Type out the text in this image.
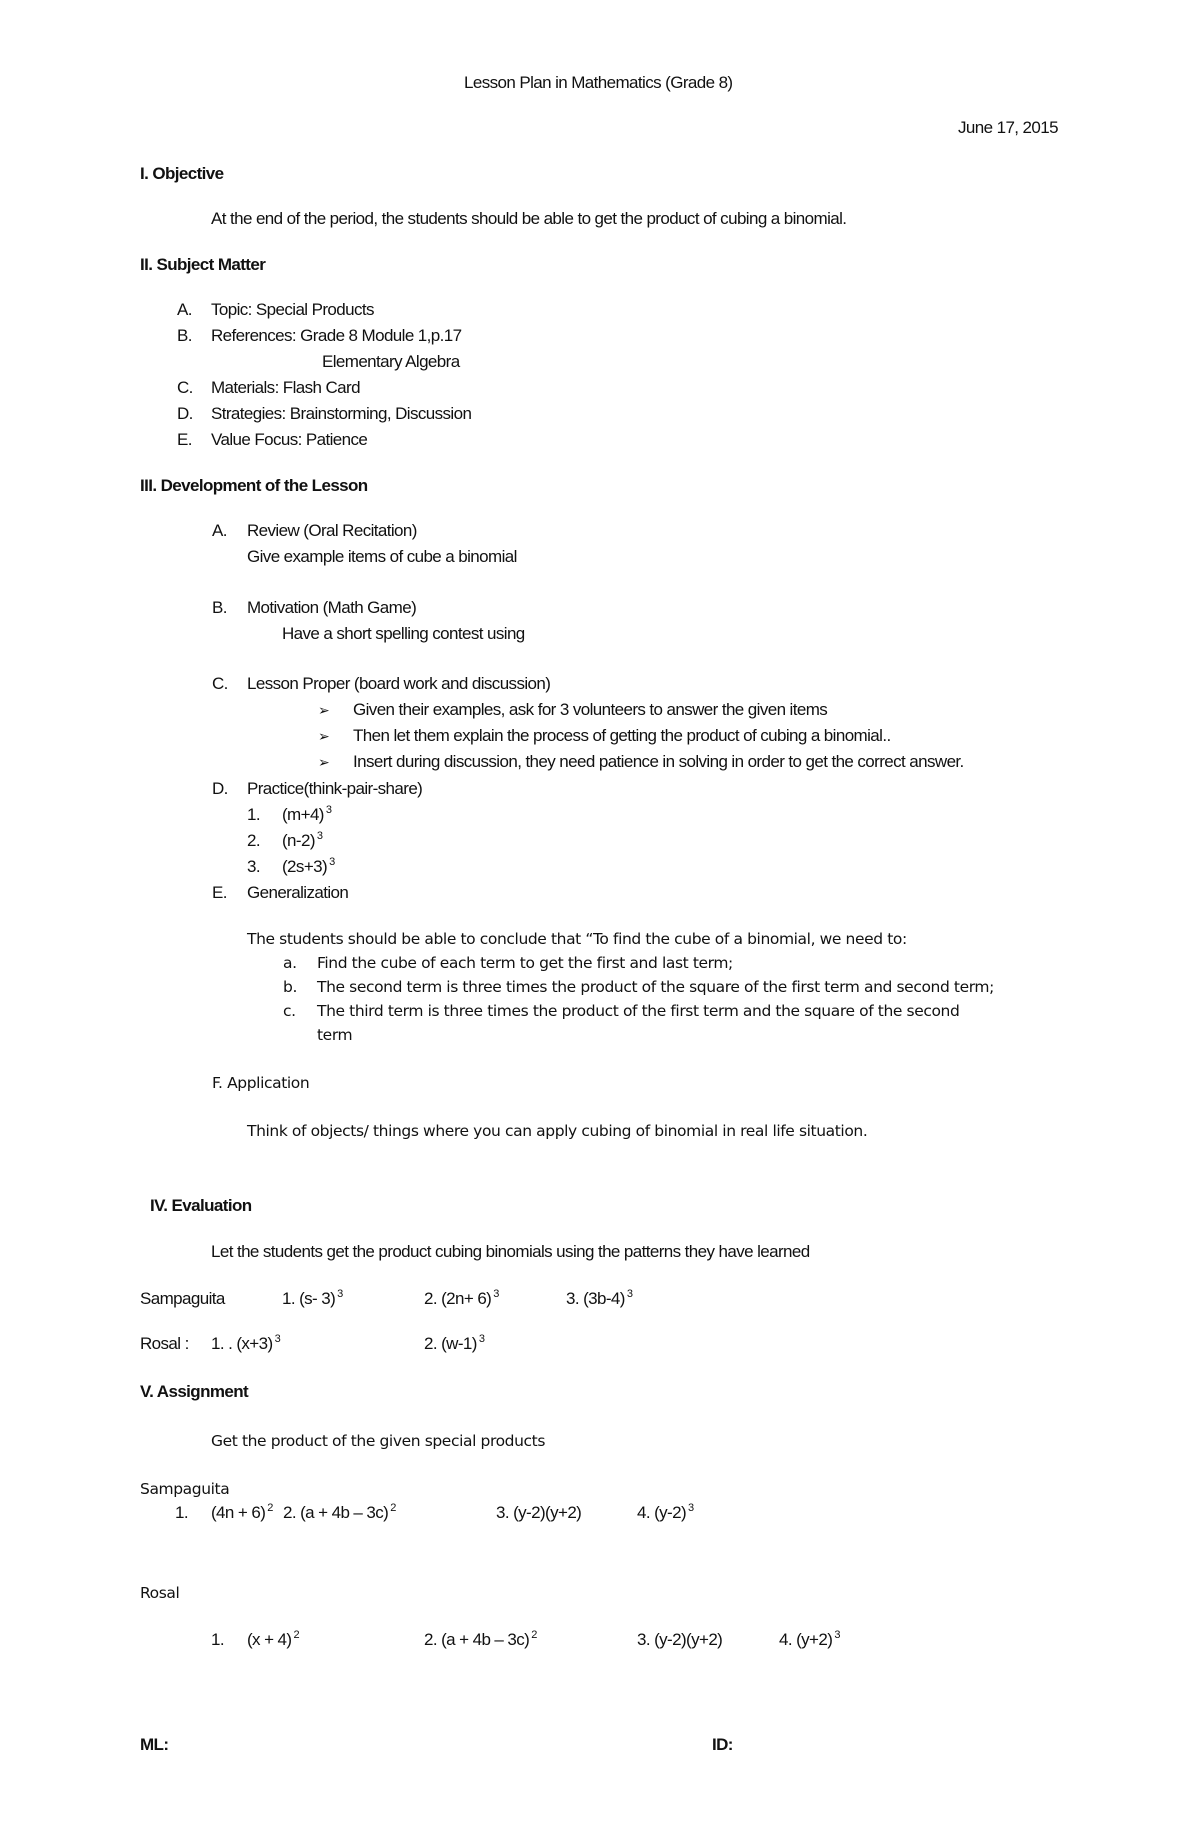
Lesson Plan in Mathematics (Grade 8)
June 17, 2015
I. Objective
At the end of the period, the students should be able to get the product of cubing a binomial.
II. Subject Matter
A. Topic: Special Products
B. References: Grade 8 Module 1,p.17
Elementary Algebra
C. Materials: Flash Card
D. Strategies: Brainstorming, Discussion
E. Value Focus: Patience
III. Development of the Lesson
A. Review (Oral Recitation)
Give example items of cube a binomial
B. Motivation (Math Game)
Have a short spelling contest using
C. Lesson Proper (board work and discussion)
➢ Given their examples, ask for 3 volunteers to answer the given items
➢ Then let them explain the process of getting the product of cubing a binomial..
➢ Insert during discussion, they need patience in solving in order to get the correct answer.
D. Practice(think-pair-share)
1. (m+4) $^3$
2. (n-2) $^3$
3. (2s+3) $^3$
E. Generalization
The students should be able to conclude that “To find the cube of a binomial, we need to:
a. Find the cube of each term to get the first and last term;
b. The second term is three times the product of the square of the first term and second term;
c. The third term is three times the product of the first term and the square of the second
term
F. Application
Think of objects/ things where you can apply cubing of binomial in real life situation.
IV. Evaluation
Let the students get the product cubing binomials using the patterns they have learned
Sampaguita	1. (s- 3) $^3$	2. (2n+ 6) $^3$	3. (3b-4) $^3$
Rosal : 1. . (x+3) $^3$	2. (w-1) $^3$
V. Assignment
Get the product of the given special products
Sampaguita
1. (4n + 6) $^2$ 2. (a + 4b – 3c) $^2$	3. (y-2)(y+2)	4. (y-2) $^3$
Rosal
1. (x + 4) $^2$	2. (a + 4b – 3c) $^2$	3. (y-2)(y+2)	4. (y+2) $^3$
ML:	ID:
